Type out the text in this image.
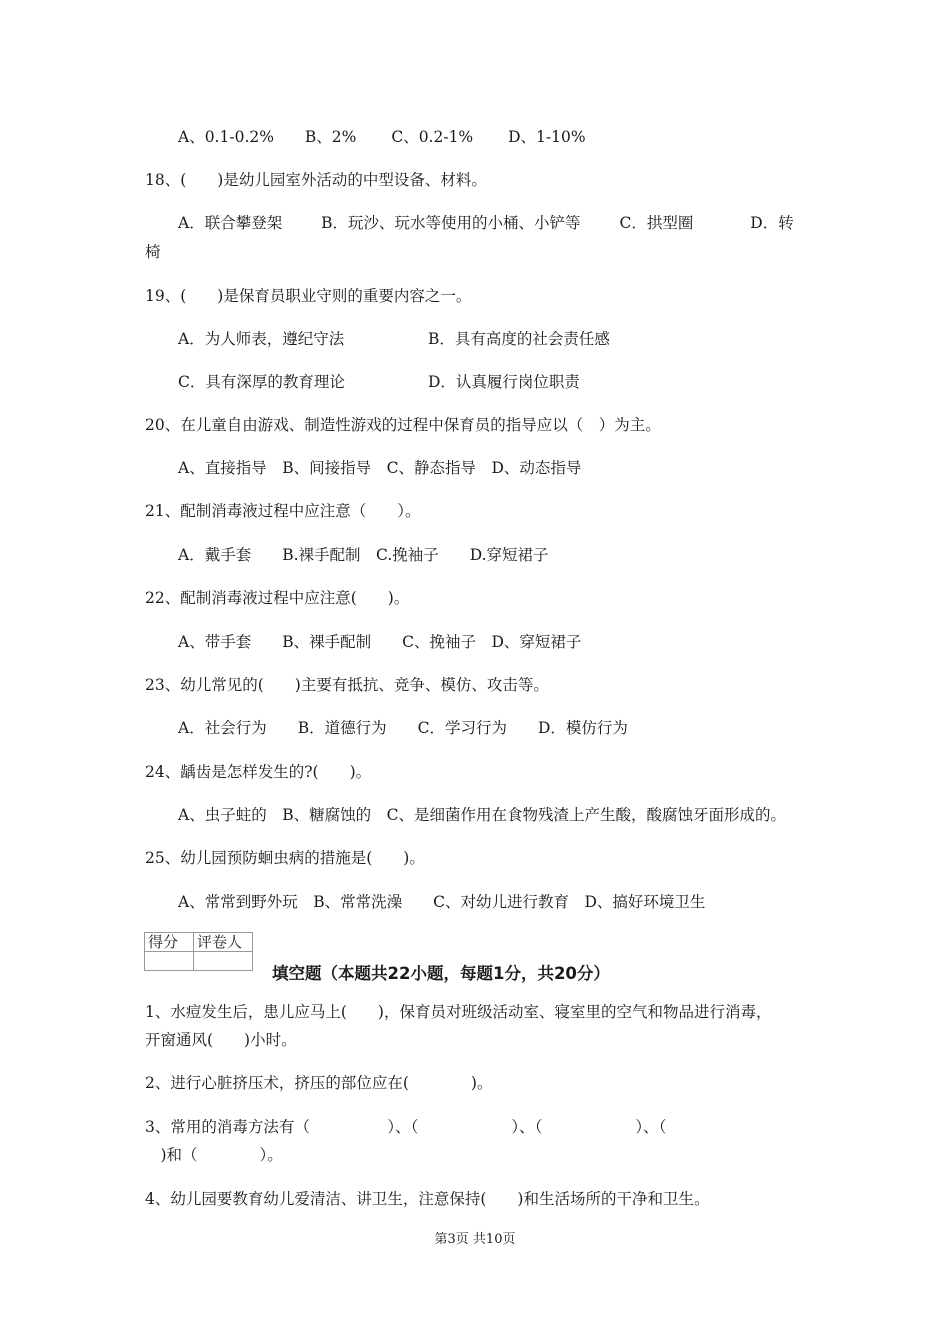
A、0.1-0.2% B、2% C、0.2-1% D、1-10%
18、(　　)是幼儿园室外活动的中型设备、材料。
A．联合攀登架	B．玩沙、玩水等使用的小桶、小铲等	C．拱型圈	D．转
椅
19、(　　)是保育员职业守则的重要内容之一。
A．为人师表，遵纪守法	B．具有高度的社会责任感
C．具有深厚的教育理论	D．认真履行岗位职责
20、在儿童自由游戏、制造性游戏的过程中保育员的指导应以（　）为主。
A、直接指导　B、间接指导　C、静态指导　D、动态指导
21、配制消毒液过程中应注意（　　）。
A．戴手套　　B.裸手配制　C.挽袖子　　D.穿短裙子
22、配制消毒液过程中应注意(　　)。
A、带手套　　B、裸手配制　　C、挽袖子　D、穿短裙子
23、幼儿常见的(　　)主要有抵抗、竞争、模仿、攻击等。
A．社会行为　　B．道德行为　　C．学习行为　　D．模仿行为
24、龋齿是怎样发生的?(　　)。
A、虫子蛀的　B、糖腐蚀的　C、是细菌作用在食物残渣上产生酸，酸腐蚀牙面形成的。
25、幼儿园预防蛔虫病的措施是(　　)。
A、常常到野外玩　B、常常洗澡　　C、对幼儿进行教育　D、搞好环境卫生
得分	评卷人

填空题（本题共22小题，每题1分，共20分）
1、水痘发生后，患儿应马上(　　)，保育员对班级活动室、寝室里的空气和物品进行消毒，
开窗通风(　　)小时。
2、进行心脏挤压术，挤压的部位应在(　　　　)。
3、常用的消毒方法有（　　　　　）、（　　　　　　）、（　　　　　　）、（
　)和（　　　　）。
4、幼儿园要教育幼儿爱清洁、讲卫生，注意保持(　　)和生活场所的干净和卫生。
第3页 共10页
